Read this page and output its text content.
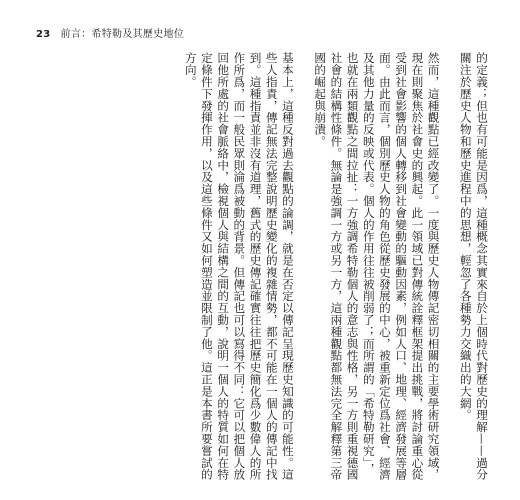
23 前言：希特勒及其歷史地位

的定義；但也有可能是因爲，這種概念其實來自於上個時代對歷史的理解——過分關注於歷史人物和歷史進程中的思想，輕忽了各種勢力交織出的大網。

然而，這種觀點已經改變了。一度與歷史人物傳記密切相關的主要學術研究領域，現在則聚焦於社會史的興起。此一領域已對傳統詮釋框架提出挑戰，將討論重心從受到社會影響的個人轉移到社會變動的驅動因素，例如人口、地理、經濟發展等層面。由此而言，個別歷史人物的角色從歷史發展的中心，被重新定位爲社會、經濟及其他力量的反映或代表。個人的作用往往被削弱了；而所謂的「希特勒研究」，也就在兩類觀點之間拉扯：一方強調希特勒個人的意志與性格，另一方則重視德國社會的結構性條件。無論是強調一方或另一方，這兩種觀點都無法完全解釋第三帝國的崛起與崩潰。

基本上，這種反對過去觀點的論調，就是在否定以傳記呈現歷史知識的可能性。這些人指責，傳記無法完整說明歷史變化的複雜情勢，都不可能在一個人的傳記中找到。這種指責並非沒有道理，舊式的歷史傳記確實往往把歷史簡化爲少數偉人的所作所爲，而一般民眾則淪爲被動的背景。但傳記也可以寫得不同：它可以把個人放回他所處的社會脈絡中，檢視個人與結構之間的互動，說明一個人的特質如何在特定條件下發揮作用，以及這些條件又如何塑造並限制了他。這正是本書所要嘗試的方向。
